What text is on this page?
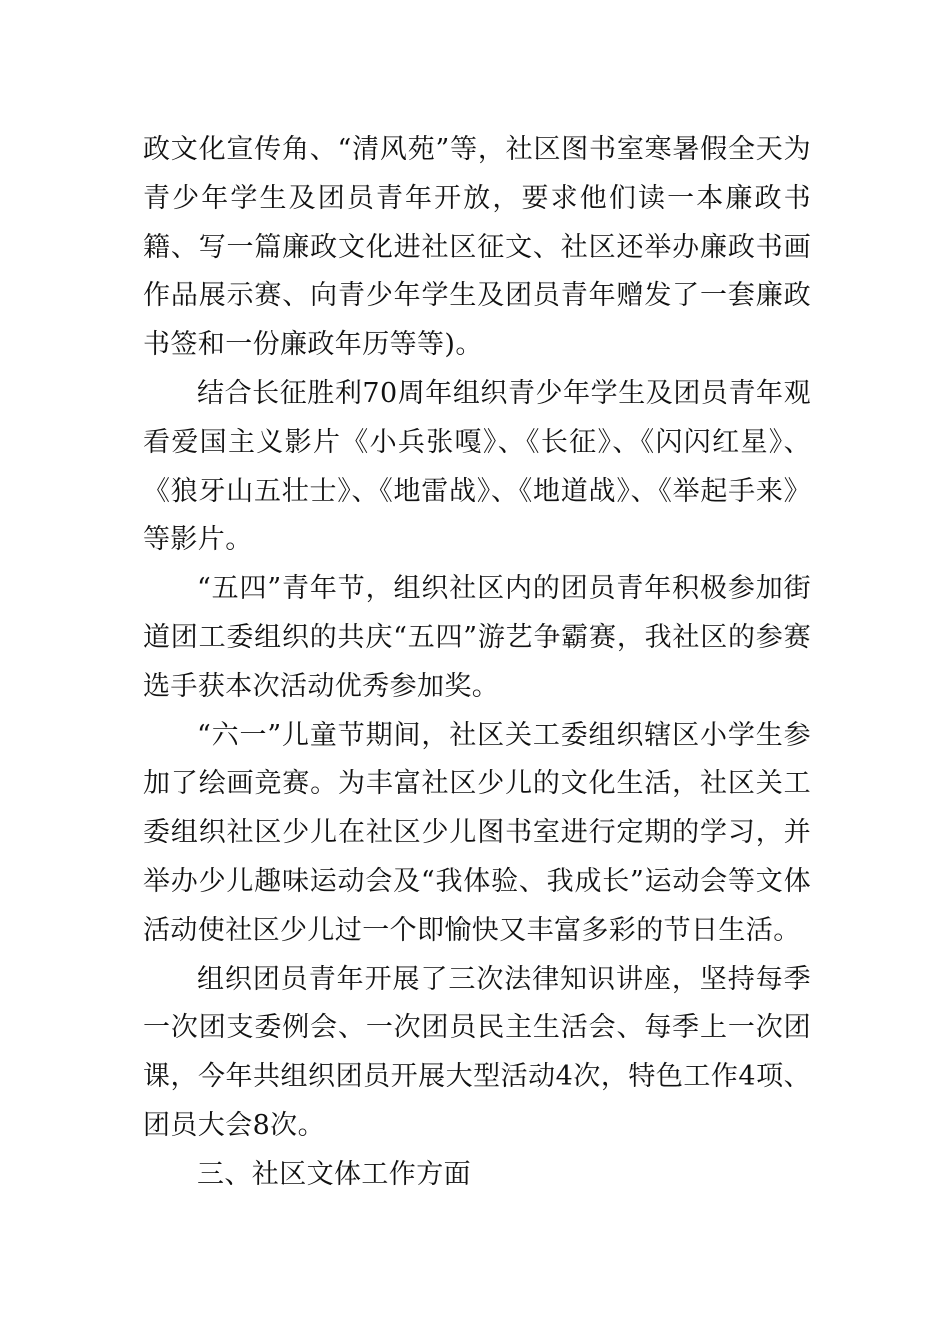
政文化宣传角、“清风苑”等，社区图书室寒暑假全天为青少年学生及团员青年开放，要求他们读一本廉政书籍、写一篇廉政文化进社区征文、社区还举办廉政书画作品展示赛、向青少年学生及团员青年赠发了一套廉政书签和一份廉政年历等等)。

结合长征胜利70周年组织青少年学生及团员青年观看爱国主义影片《小兵张嘎》、《长征》、《闪闪红星》、《狼牙山五壮士》、《地雷战》、《地道战》、《举起手来》等影片。

“五四”青年节，组织社区内的团员青年积极参加街道团工委组织的共庆“五四”游艺争霸赛，我社区的参赛选手获本次活动优秀参加奖。

“六一”儿童节期间，社区关工委组织辖区小学生参加了绘画竞赛。为丰富社区少儿的文化生活，社区关工委组织社区少儿在社区少儿图书室进行定期的学习，并举办少儿趣味运动会及“我体验、我成长”运动会等文体活动使社区少儿过一个即愉快又丰富多彩的节日生活。

组织团员青年开展了三次法律知识讲座，坚持每季一次团支委例会、一次团员民主生活会、每季上一次团课，今年共组织团员开展大型活动4次，特色工作4项、团员大会8次。

三、社区文体工作方面
